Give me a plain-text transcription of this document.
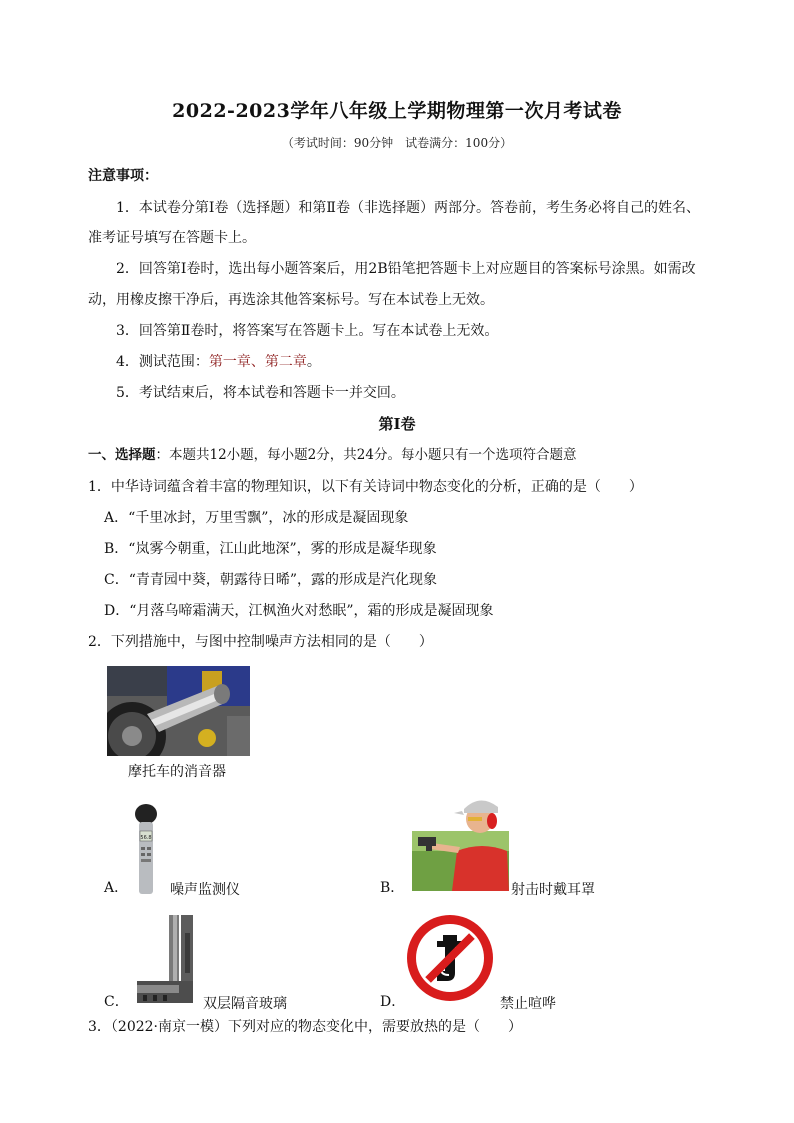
2022-2023学年八年级上学期物理第一次月考试卷
（考试时间：90分钟　试卷满分：100分）
注意事项：
1．本试卷分第Ⅰ卷（选择题）和第Ⅱ卷（非选择题）两部分。答卷前，考生务必将自己的姓名、
准考证号填写在答题卡上。
2．回答第Ⅰ卷时，选出每小题答案后，用2B铅笔把答题卡上对应题目的答案标号涂黑。如需改
动，用橡皮擦干净后，再选涂其他答案标号。写在本试卷上无效。
3．回答第Ⅱ卷时，将答案写在答题卡上。写在本试卷上无效。
4．测试范围：第一章、第二章。
5．考试结束后，将本试卷和答题卡一并交回。
第Ⅰ卷
一、选择题：本题共12小题，每小题2分，共24分。每小题只有一个选项符合题意
1．中华诗词蕴含着丰富的物理知识，以下有关诗词中物态变化的分析，正确的是（　　）
A．“千里冰封，万里雪飘”，冰的形成是凝固现象
B．“岚雾今朝重，江山此地深”，雾的形成是凝华现象
C．“青青园中葵，朝露待日晞”，露的形成是汽化现象
D．“月落乌啼霜满天，江枫渔火对愁眠”，霜的形成是凝固现象
2．下列措施中，与图中控制噪声方法相同的是（　　）
摩托车的消音器
A．
56.8
噪声监测仪	B．	射击时戴耳罩
C．	双层隔音玻璃	D．	禁止喧哗
3．（2022·南京一模）下列对应的物态变化中，需要放热的是（　　）
